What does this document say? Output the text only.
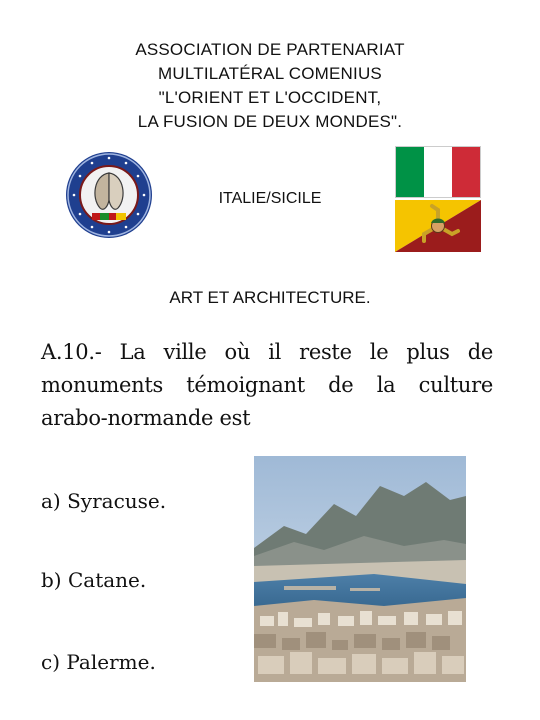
ASSOCIATION DE PARTENARIAT
MULTILATÉRAL COMENIUS
"L'ORIENT ET L'OCCIDENT,
LA FUSION DE DEUX MONDES".
ITALIE/SICILE
ART ET ARCHITECTURE.
A.10.- La ville où il reste le plus de monuments témoignant de la culture arabo-normande est
a) Syracuse.
b) Catane.
c) Palerme.
